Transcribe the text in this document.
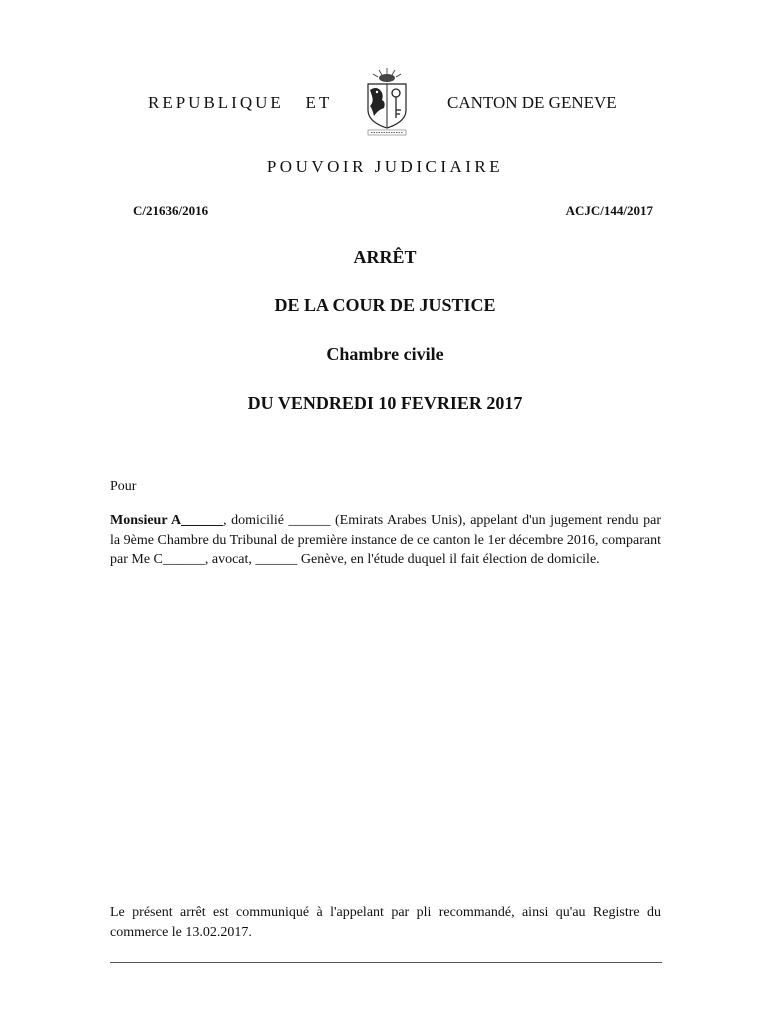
REPUBLIQUE   ET	CANTON DE GENEVE
POUVOIR JUDICIAIRE
C/21636/2016	ACJC/144/2017
ARRÊT
DE LA COUR DE JUSTICE
Chambre civile
DU VENDREDI 10 FEVRIER 2017
Pour

Monsieur A______, domicilié ______ (Emirats Arabes Unis), appelant d'un jugement rendu par la 9ème Chambre du Tribunal de première instance de ce canton le 1er décembre 2016, comparant par Me C______, avocat, ______ Genève, en l'étude duquel il fait élection de domicile.

Le présent arrêt est communiqué à l'appelant par pli recommandé, ainsi qu'au Registre du commerce le 13.02.2017.
